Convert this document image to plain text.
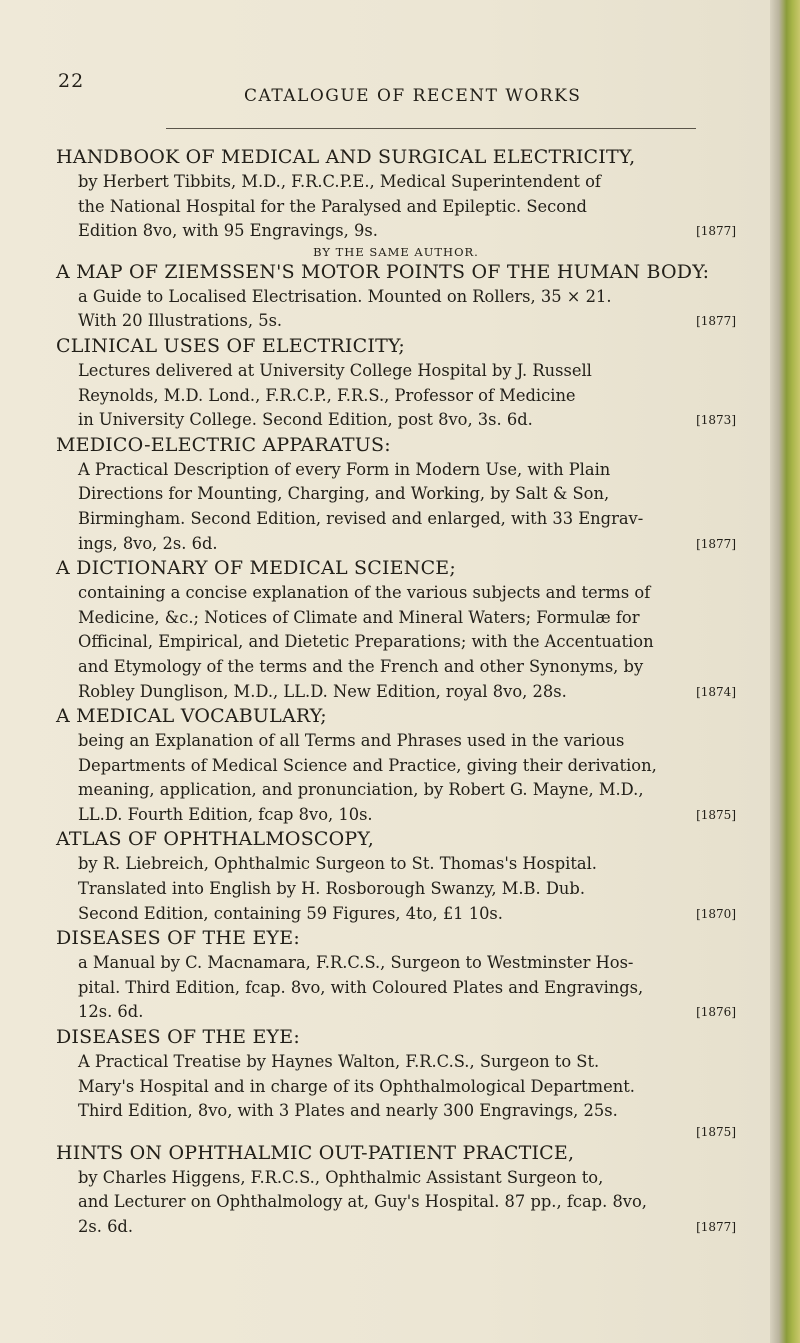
22
CATALOGUE OF RECENT WORKS
HANDBOOK OF MEDICAL AND SURGICAL ELECTRICITY,
by Herbert Tibbits, M.D., F.R.C.P.E., Medical Superintendent of
the National Hospital for the Paralysed and Epileptic. Second
[1877]
Edition 8vo, with 95 Engravings, 9s.
BY THE SAME AUTHOR.
A MAP OF ZIEMSSEN'S MOTOR POINTS OF THE HUMAN BODY:
a Guide to Localised Electrisation. Mounted on Rollers, 35 × 21.
[1877]
With 20 Illustrations, 5s.
CLINICAL USES OF ELECTRICITY;
Lectures delivered at University College Hospital by J. Russell
Reynolds, M.D. Lond., F.R.C.P., F.R.S., Professor of Medicine
[1873]
in University College. Second Edition, post 8vo, 3s. 6d.
MEDICO-ELECTRIC APPARATUS:
A Practical Description of every Form in Modern Use, with Plain
Directions for Mounting, Charging, and Working, by Salt & Son,
Birmingham. Second Edition, revised and enlarged, with 33 Engrav-
[1877]
ings, 8vo, 2s. 6d.
A DICTIONARY OF MEDICAL SCIENCE;
containing a concise explanation of the various subjects and terms of
Medicine, &c.; Notices of Climate and Mineral Waters; Formulæ for
Officinal, Empirical, and Dietetic Preparations; with the Accentuation
and Etymology of the terms and the French and other Synonyms, by
[1874]
Robley Dunglison, M.D., LL.D. New Edition, royal 8vo, 28s.
A MEDICAL VOCABULARY;
being an Explanation of all Terms and Phrases used in the various
Departments of Medical Science and Practice, giving their derivation,
meaning, application, and pronunciation, by Robert G. Mayne, M.D.,
[1875]
LL.D. Fourth Edition, fcap 8vo, 10s.
ATLAS OF OPHTHALMOSCOPY,
by R. Liebreich, Ophthalmic Surgeon to St. Thomas's Hospital.
Translated into English by H. Rosborough Swanzy, M.B. Dub.
[1870]
Second Edition, containing 59 Figures, 4to, £1 10s.
DISEASES OF THE EYE:
a Manual by C. Macnamara, F.R.C.S., Surgeon to Westminster Hos-
pital. Third Edition, fcap. 8vo, with Coloured Plates and Engravings,
[1876]
12s. 6d.
DISEASES OF THE EYE:
A Practical Treatise by Haynes Walton, F.R.C.S., Surgeon to St.
Mary's Hospital and in charge of its Ophthalmological Department.
Third Edition, 8vo, with 3 Plates and nearly 300 Engravings, 25s.
[1875]
HINTS ON OPHTHALMIC OUT-PATIENT PRACTICE,
by Charles Higgens, F.R.C.S., Ophthalmic Assistant Surgeon to,
and Lecturer on Ophthalmology at, Guy's Hospital. 87 pp., fcap. 8vo,
[1877]
2s. 6d.
